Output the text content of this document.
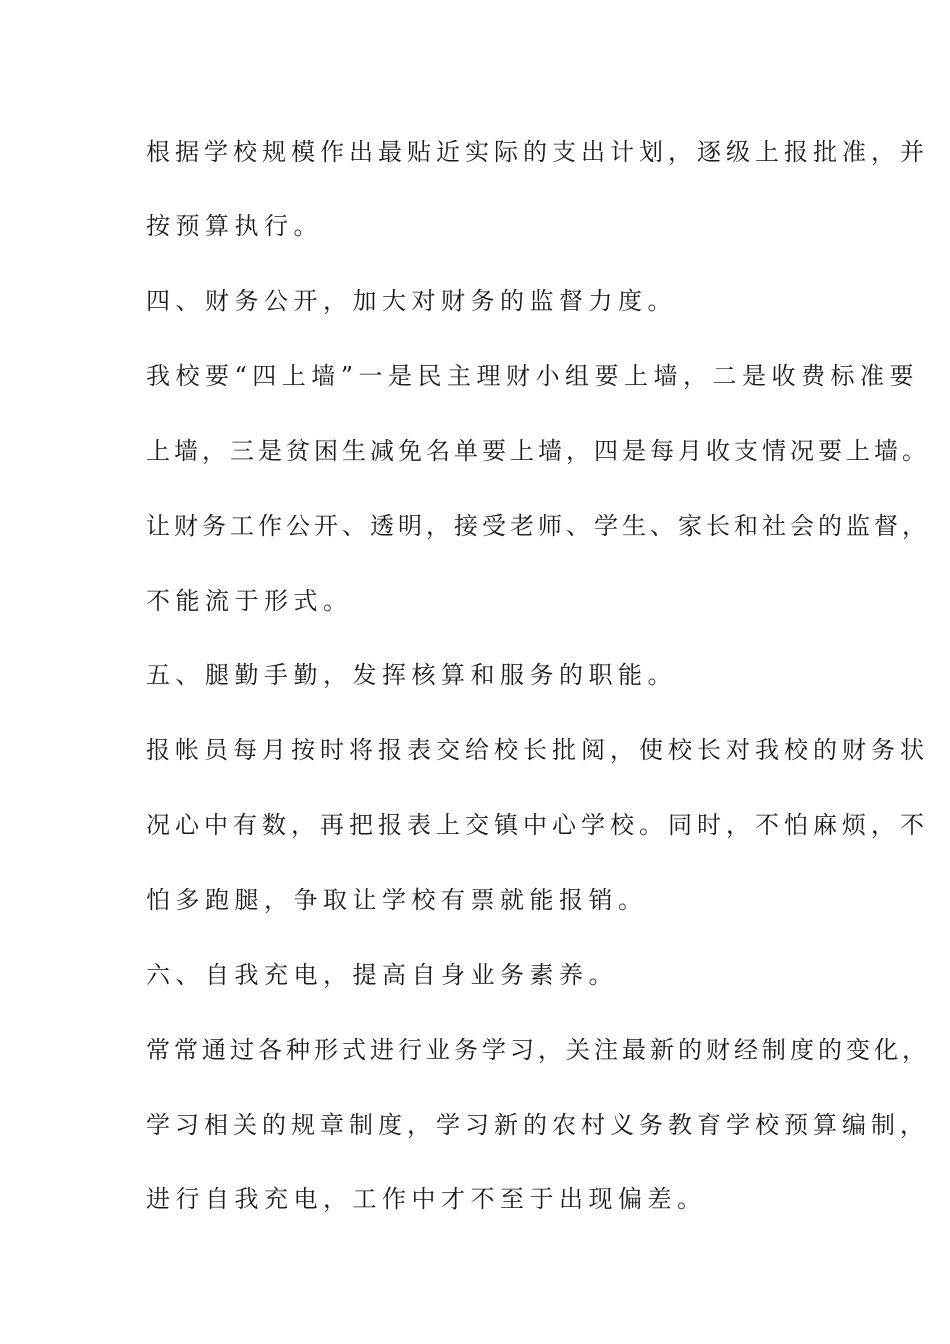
根据学校规模作出最贴近实际的支出计划，逐级上报批准，并

按预算执行。

四、财务公开，加大对财务的监督力度。

我校要“四上墙”一是民主理财小组要上墙，二是收费标准要

上墙，三是贫困生减免名单要上墙，四是每月收支情况要上墙。

让财务工作公开、透明，接受老师、学生、家长和社会的监督，

不能流于形式。

五、腿勤手勤，发挥核算和服务的职能。

报帐员每月按时将报表交给校长批阅，使校长对我校的财务状

况心中有数，再把报表上交镇中心学校。同时，不怕麻烦，不

怕多跑腿，争取让学校有票就能报销。

六、自我充电，提高自身业务素养。

常常通过各种形式进行业务学习，关注最新的财经制度的变化，

学习相关的规章制度，学习新的农村义务教育学校预算编制，

进行自我充电，工作中才不至于出现偏差。
